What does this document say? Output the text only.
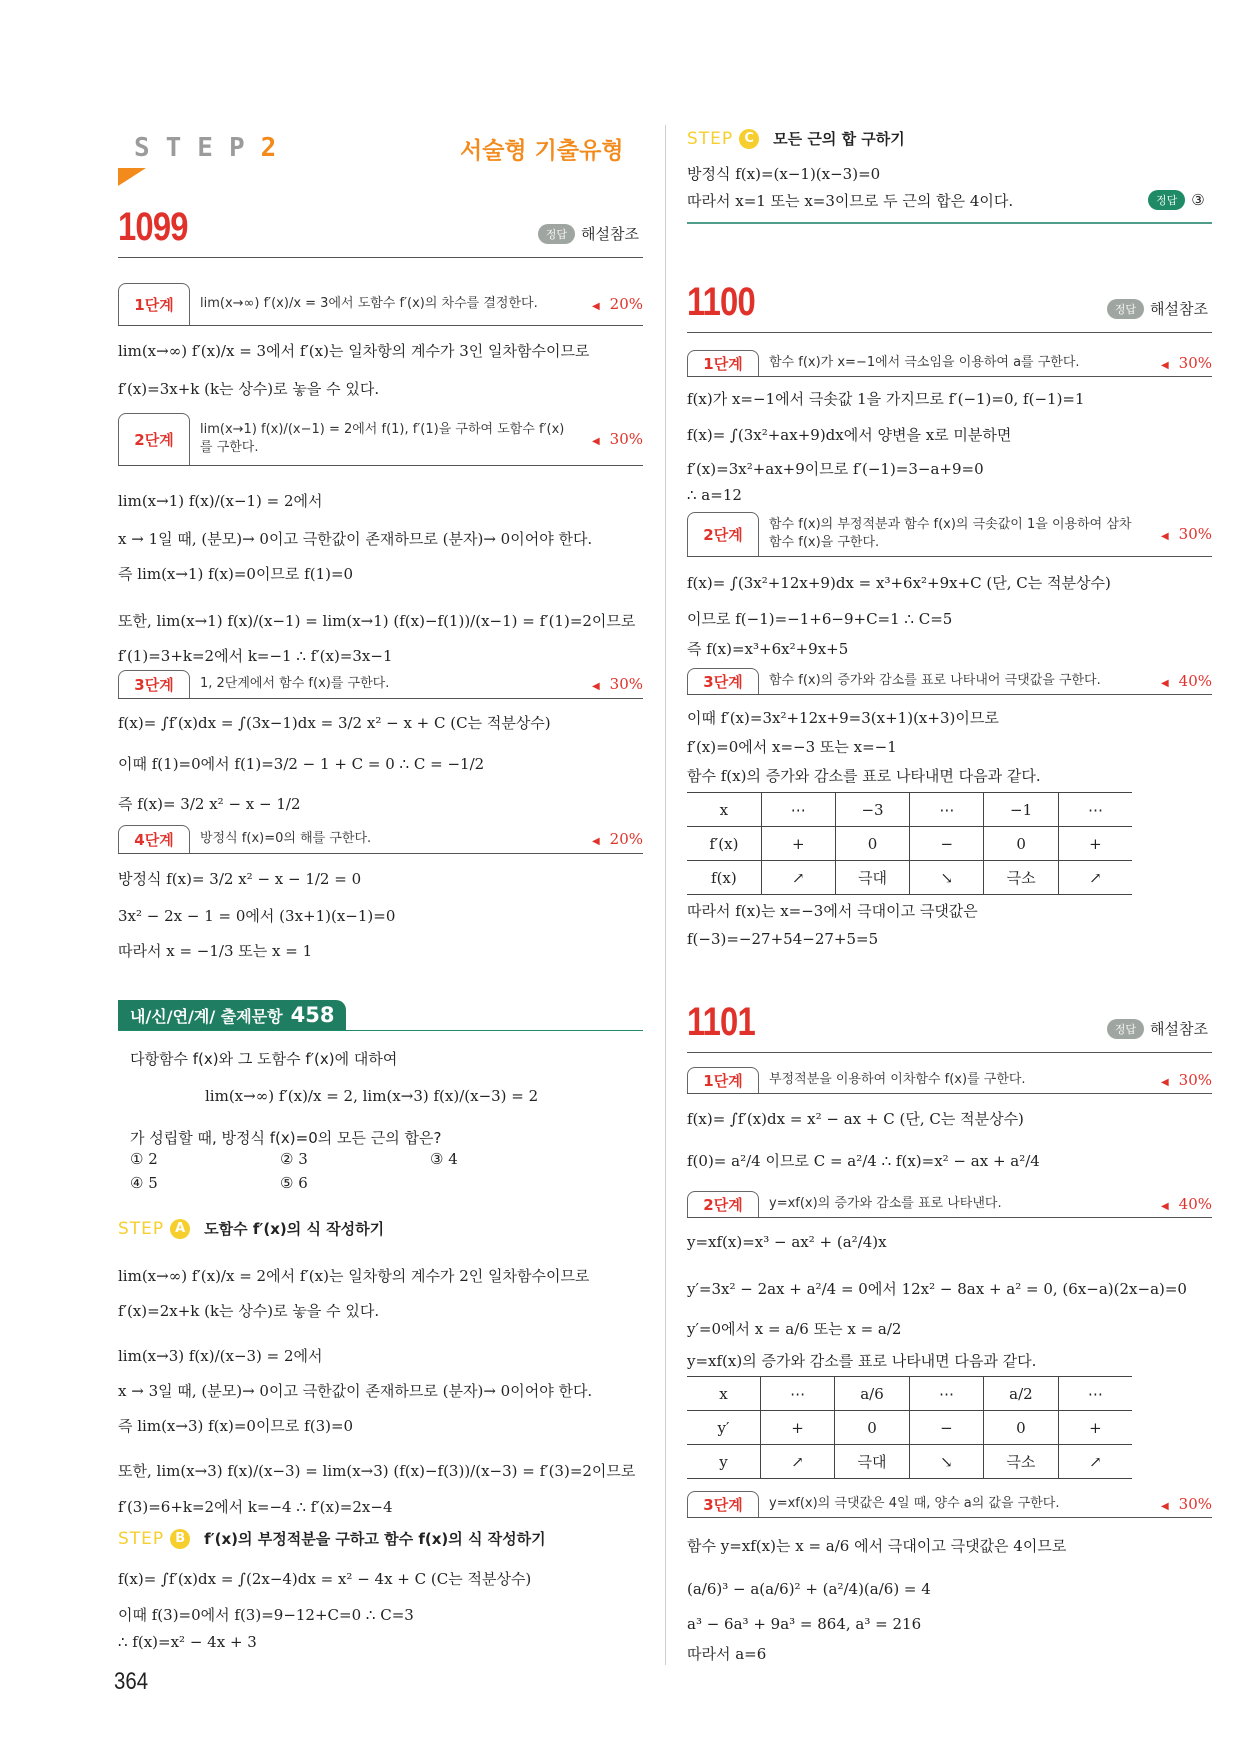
STEP2	서술형 기출유형
1099	정답 해설참조
1단계	lim(x→∞) f′(x)/x = 3에서 도함수 f′(x)의 차수를 결정한다.	◀ 20%
lim(x→∞) f′(x)/x = 3에서 f′(x)는 일차항의 계수가 3인 일차함수이므로
f′(x)=3x+k (k는 상수)로 놓을 수 있다.
2단계
lim(x→1) f(x)/(x−1) = 2에서 f(1), f′(1)을 구하여 도함수 f′(x)를 구한다.	◀ 30%
lim(x→1) f(x)/(x−1) = 2에서
x → 1일 때, (분모)→ 0이고 극한값이 존재하므로 (분자)→ 0이어야 한다.
즉 lim(x→1) f(x)=0이므로 f(1)=0
또한, lim(x→1) f(x)/(x−1) = lim(x→1) (f(x)−f(1))/(x−1) = f′(1)=2이므로
f′(1)=3+k=2에서 k=−1 ∴ f′(x)=3x−1
3단계	1, 2단계에서 함수 f(x)를 구한다.	◀ 30%
f(x)= ∫f′(x)dx = ∫(3x−1)dx = 3/2 x² − x + C (C는 적분상수)
이때 f(1)=0에서 f(1)=3/2 − 1 + C = 0 ∴ C = −1/2
즉 f(x)= 3/2 x² − x − 1/2
4단계	방정식 f(x)=0의 해를 구한다.	◀ 20%
방정식 f(x)= 3/2 x² − x − 1/2 = 0
3x² − 2x − 1 = 0에서 (3x+1)(x−1)=0
따라서 x = −1/3 또는 x = 1
내/신/연/계/ 출제문항 458
다항함수 f(x)와 그 도함수 f′(x)에 대하여
lim(x→∞) f′(x)/x = 2, lim(x→3) f(x)/(x−3) = 2
가 성립할 때, 방정식 f(x)=0의 모든 근의 합은?
① 2	② 3	③ 4
④ 5	⑤ 6
STEP A	도함수 f′(x)의 식 작성하기
lim(x→∞) f′(x)/x = 2에서 f′(x)는 일차항의 계수가 2인 일차함수이므로
f′(x)=2x+k (k는 상수)로 놓을 수 있다.
lim(x→3) f(x)/(x−3) = 2에서
x → 3일 때, (분모)→ 0이고 극한값이 존재하므로 (분자)→ 0이어야 한다.
즉 lim(x→3) f(x)=0이므로 f(3)=0
또한, lim(x→3) f(x)/(x−3) = lim(x→3) (f(x)−f(3))/(x−3) = f′(3)=2이므로
f′(3)=6+k=2에서 k=−4 ∴ f′(x)=2x−4
STEP B	f′(x)의 부정적분을 구하고 함수 f(x)의 식 작성하기
f(x)= ∫f′(x)dx = ∫(2x−4)dx = x² − 4x + C (C는 적분상수)
이때 f(3)=0에서 f(3)=9−12+C=0 ∴ C=3
∴ f(x)=x² − 4x + 3
364
STEP C	모든 근의 합 구하기
방정식 f(x)=(x−1)(x−3)=0
따라서 x=1 또는 x=3이므로 두 근의 합은 4이다.	정답 ③
1100	정답 해설참조
1단계	함수 f(x)가 x=−1에서 극소임을 이용하여 a를 구한다.	◀ 30%
f(x)가 x=−1에서 극솟값 1을 가지므로 f′(−1)=0, f(−1)=1
f(x)= ∫(3x²+ax+9)dx에서 양변을 x로 미분하면
f′(x)=3x²+ax+9이므로 f′(−1)=3−a+9=0
∴ a=12
2단계
함수 f(x)의 부정적분과 함수 f(x)의 극솟값이 1을 이용하여 삼차함수 f(x)을 구한다.	◀ 30%
f(x)= ∫(3x²+12x+9)dx = x³+6x²+9x+C (단, C는 적분상수)
이므로 f(−1)=−1+6−9+C=1 ∴ C=5
즉 f(x)=x³+6x²+9x+5
3단계	함수 f(x)의 증가와 감소를 표로 나타내어 극댓값을 구한다.	◀ 40%
이때 f′(x)=3x²+12x+9=3(x+1)(x+3)이므로
f′(x)=0에서 x=−3 또는 x=−1
함수 f(x)의 증가와 감소를 표로 나타내면 다음과 같다.
x	⋯	−3	⋯	−1	⋯
f′(x)	+	0	−	0	+
f(x)	↗	극대	↘	극소	↗
따라서 f(x)는 x=−3에서 극대이고 극댓값은
f(−3)=−27+54−27+5=5
1101	정답 해설참조
1단계	부정적분을 이용하여 이차함수 f(x)를 구한다.	◀ 30%
f(x)= ∫f′(x)dx = x² − ax + C (단, C는 적분상수)
f(0)= a²/4 이므로 C = a²/4 ∴ f(x)=x² − ax + a²/4
2단계	y=xf(x)의 증가와 감소를 표로 나타낸다.	◀ 40%
y=xf(x)=x³ − ax² + (a²/4)x
y′=3x² − 2ax + a²/4 = 0에서 12x² − 8ax + a² = 0, (6x−a)(2x−a)=0
y′=0에서 x = a/6 또는 x = a/2
y=xf(x)의 증가와 감소를 표로 나타내면 다음과 같다.
x	⋯	a/6	⋯	a/2	⋯
y′	+	0	−	0	+
y	↗	극대	↘	극소	↗
3단계	y=xf(x)의 극댓값은 4일 때, 양수 a의 값을 구한다.	◀ 30%
함수 y=xf(x)는 x = a/6 에서 극대이고 극댓값은 4이므로
(a/6)³ − a(a/6)² + (a²/4)(a/6) = 4
a³ − 6a³ + 9a³ = 864, a³ = 216
따라서 a=6
